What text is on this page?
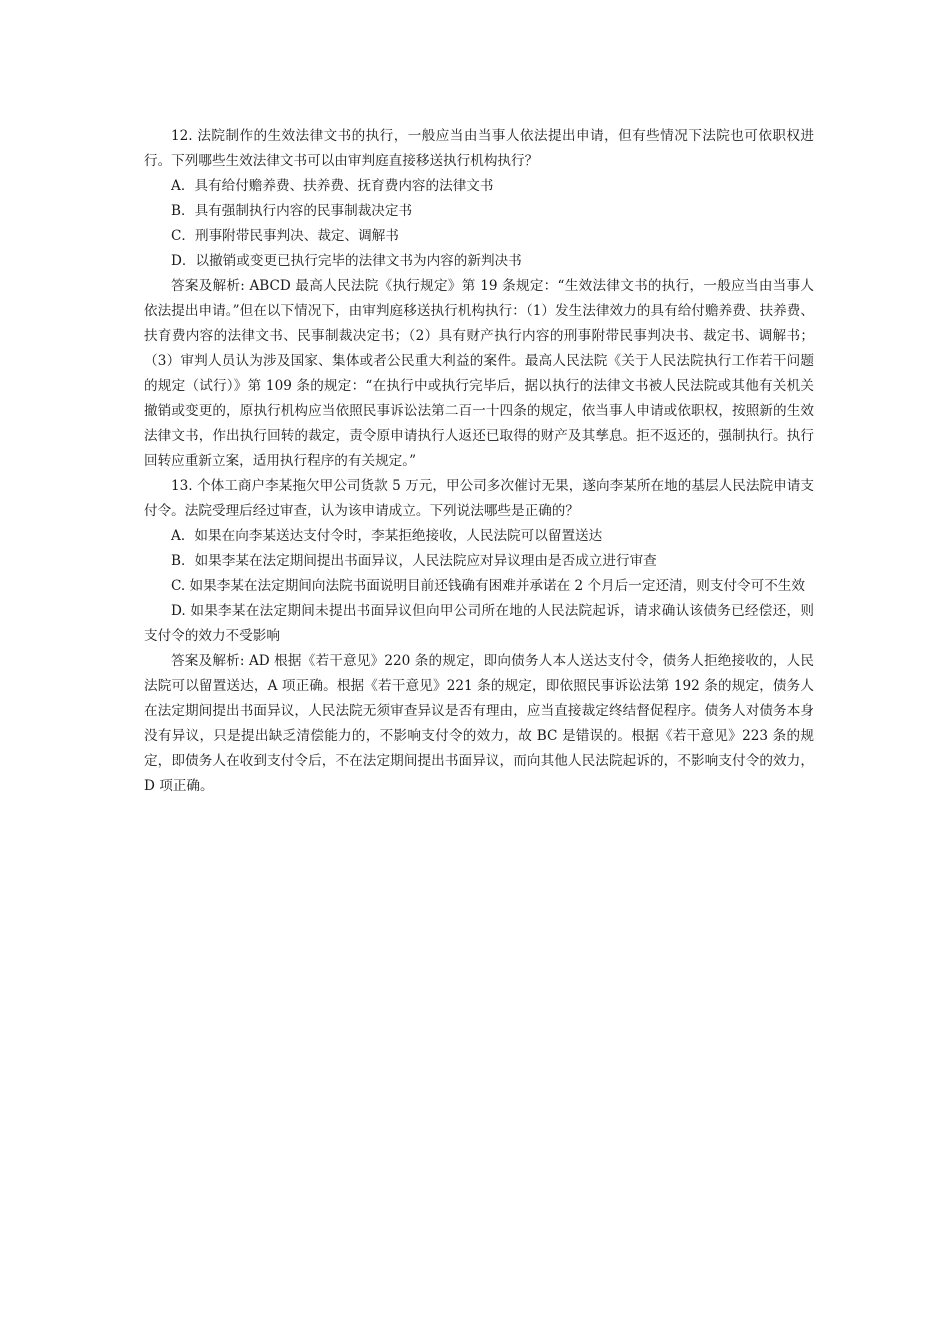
12. 法院制作的生效法律文书的执行，一般应当由当事人依法提出申请，但有些情况下法院也可依职权进行。下列哪些生效法律文书可以由审判庭直接移送执行机构执行？

A．具有给付赡养费、扶养费、抚育费内容的法律文书

B．具有强制执行内容的民事制裁决定书

C．刑事附带民事判决、裁定、调解书

D．以撤销或变更已执行完毕的法律文书为内容的新判决书

答案及解析: ABCD 最高人民法院《执行规定》第 19 条规定：“生效法律文书的执行，一般应当由当事人依法提出申请。”但在以下情况下，由审判庭移送执行机构执行：（1）发生法律效力的具有给付赡养费、扶养费、扶育费内容的法律文书、民事制裁决定书；（2）具有财产执行内容的刑事附带民事判决书、裁定书、调解书；（3）审判人员认为涉及国家、集体或者公民重大利益的案件。最高人民法院《关于人民法院执行工作若干问题的规定（试行）》第 109 条的规定：“在执行中或执行完毕后，据以执行的法律文书被人民法院或其他有关机关撤销或变更的，原执行机构应当依照民事诉讼法第二百一十四条的规定，依当事人申请或依职权，按照新的生效法律文书，作出执行回转的裁定，责令原申请执行人返还已取得的财产及其孳息。拒不返还的，强制执行。执行回转应重新立案，适用执行程序的有关规定。”

13. 个体工商户李某拖欠甲公司货款 5 万元，甲公司多次催讨无果，遂向李某所在地的基层人民法院申请支付令。法院受理后经过审查，认为该申请成立。下列说法哪些是正确的？

A．如果在向李某送达支付令时，李某拒绝接收，人民法院可以留置送达

B．如果李某在法定期间提出书面异议，人民法院应对异议理由是否成立进行审查

C. 如果李某在法定期间向法院书面说明目前还钱确有困难并承诺在 2 个月后一定还清，则支付令可不生效

D. 如果李某在法定期间未提出书面异议但向甲公司所在地的人民法院起诉，请求确认该债务已经偿还，则支付令的效力不受影响

答案及解析: AD 根据《若干意见》220 条的规定，即向债务人本人送达支付令，债务人拒绝接收的，人民法院可以留置送达，A 项正确。根据《若干意见》221 条的规定，即依照民事诉讼法第 192 条的规定，债务人在法定期间提出书面异议，人民法院无须审查异议是否有理由，应当直接裁定终结督促程序。债务人对债务本身没有异议，只是提出缺乏清偿能力的，不影响支付令的效力，故 BC 是错误的。根据《若干意见》223 条的规定，即债务人在收到支付令后，不在法定期间提出书面异议，而向其他人民法院起诉的，不影响支付令的效力，D 项正确。
